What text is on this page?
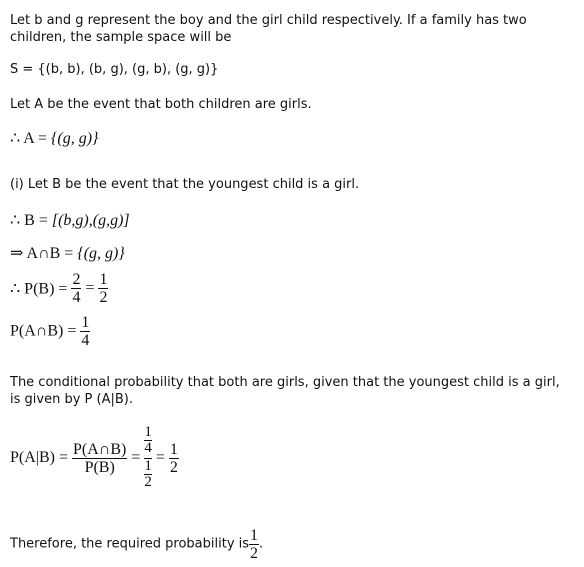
Let b and g represent the boy and the girl child respectively. If a family has two
children, the sample space will be
S = {(b, b), (b, g), (g, b), (g, g)}
Let A be the event that both children are girls.
∴ A = {(g, g)}
(i) Let B be the event that the youngest child is a girl.
∴ B = [(b,g),(g,g)]
⇒ A∩B = {(g, g)}
∴ $P(B) = \frac{2}{4} = \frac{1}{2}$
P(A∩B) = $\frac{1}{4}$
The conditional probability that both are girls, given that the youngest child is a girl,
is given by P (A|B).
$P(A|B) = \frac{P(A\cap B)}{P(B)} = \frac{\frac{1}{4}}{\frac{1}{2}} = \frac{1}{2}$
Therefore, the required probability is $\frac{1}{2}$ .
